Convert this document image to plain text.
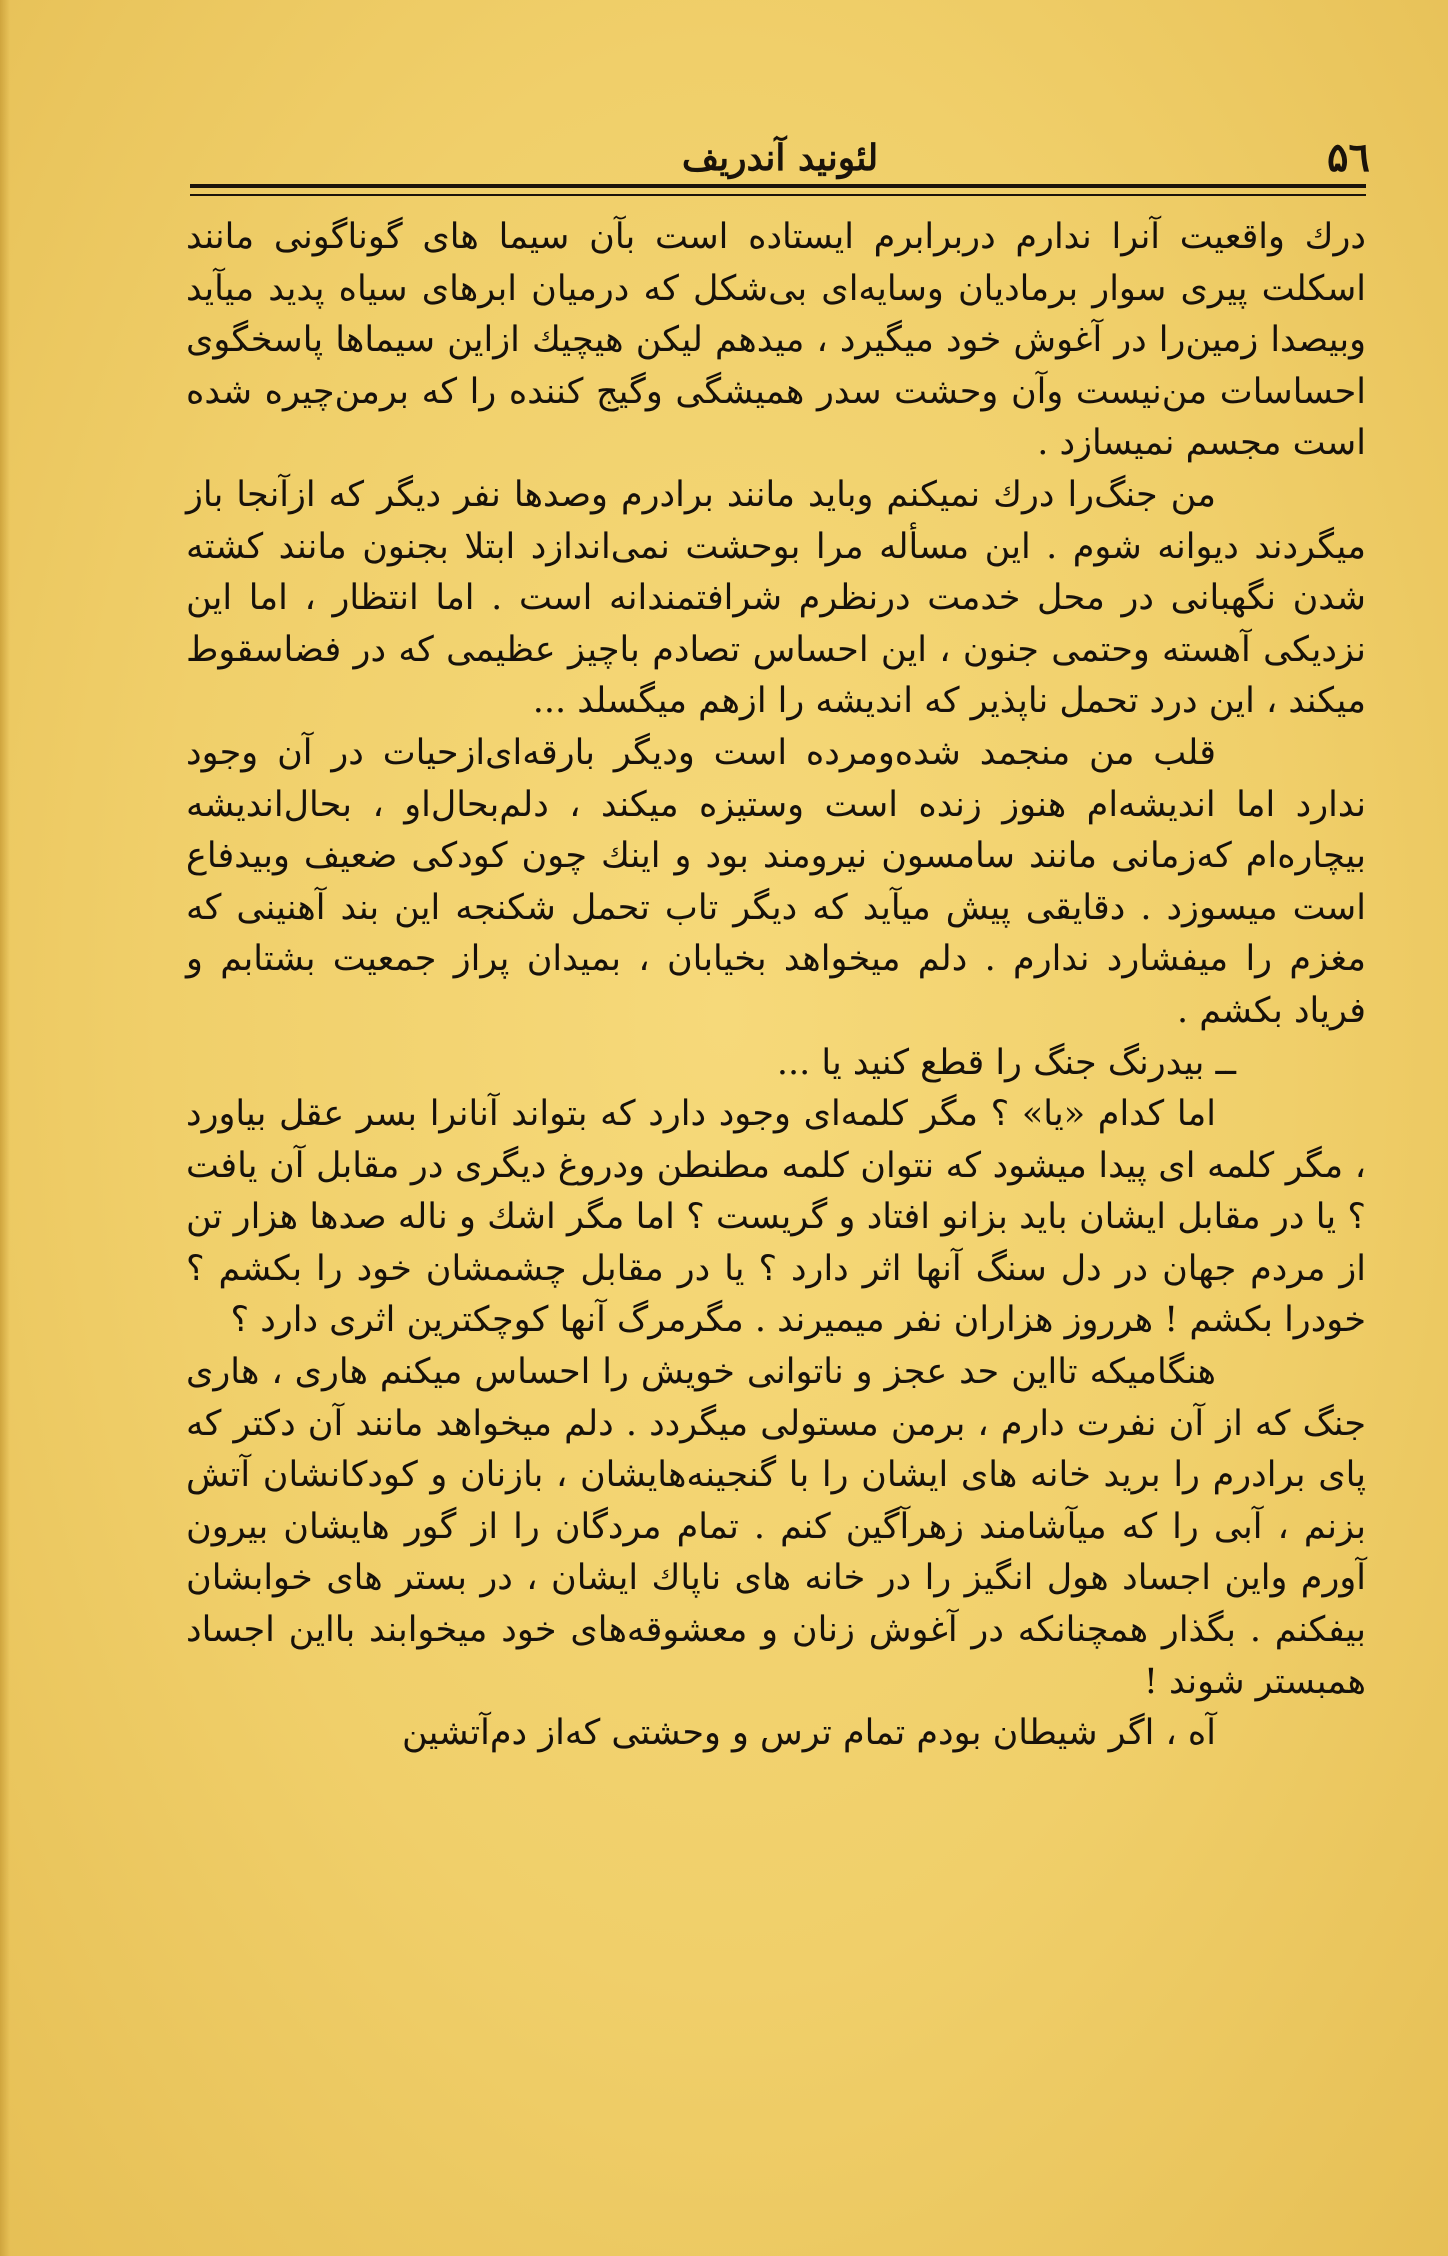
۵٦
لئونید آندریف

درك واقعیت آنرا ندارم دربرابرم ایستاده است بآن سیما های گوناگونی مانند اسکلت پیری سوار برمادیان وسایه‌ای بی‌شکل که درمیان ابرهای سیاه پدید میآید وبیصدا زمین‌را در آغوش خود میگیرد ، میدهم لیکن هیچیك ازاین سیماها پاسخگوی احساسات من‌نیست وآن وحشت سدر همیشگی وگیج کننده را که برمن‌چیره شده است مجسم نمیسازد .

من جنگ‌را درك نمیکنم وباید مانند برادرم وصدها نفر دیگر که ازآنجا باز میگردند دیوانه شوم . این مسأله مرا بوحشت نمی‌اندازد ابتلا بجنون مانند کشته شدن نگهبانی در محل خدمت درنظرم شرافتمندانه است . اما انتظار ، اما این نزدیکی آهسته وحتمی جنون ، این احساس تصادم باچیز عظیمی که در فضاسقوط میکند ، این درد تحمل ناپذیر که اندیشه را ازهم میگسلد ...

قلب من منجمد شده‌ومرده است ودیگر بارقه‌ای‌ازحیات در آن وجود ندارد اما اندیشه‌ام هنوز زنده است وستیزه میکند ، دلم‌بحال‌او ، بحال‌اندیشه بیچاره‌ام که‌زمانی مانند سامسون نیرومند بود و اینك چون کودکی ضعیف وبیدفاع است میسوزد . دقایقی پیش میآید که دیگر تاب تحمل شکنجه این بند آهنینی که مغزم را میفشارد ندارم . دلم میخواهد بخیابان ، بمیدان پراز جمعیت بشتابم و فریاد بکشم .

ــ بیدرنگ جنگ را قطع کنید یا ...

اما کدام «یا» ؟ مگر کلمه‌ای وجود دارد که بتواند آنانرا بسر عقل بیاورد ، مگر کلمه ای پیدا میشود که نتوان کلمه مطنطن ودروغ دیگری در مقابل آن یافت ؟ یا در مقابل ایشان باید بزانو افتاد و گریست ؟ اما مگر اشك و ناله صدها هزار تن از مردم جهان در دل سنگ آنها اثر دارد ؟ یا در مقابل چشمشان خود را بکشم ؟ خودرا بکشم ! هرروز هزاران نفر میمیرند . مگرمرگ آنها کوچکترین اثری دارد ؟

هنگامیکه تااین حد عجز و ناتوانی خویش را احساس میکنم هاری ، هاری جنگ که از آن نفرت دارم ، برمن مستولی میگردد . دلم میخواهد مانند آن دکتر که پای برادرم را برید خانه های ایشان را با گنجینه‌هایشان ، بازنان و کودکانشان آتش بزنم ، آبی را که میآشامند زهرآگین کنم . تمام مردگان را از گور هایشان بیرون آورم واین اجساد هول انگیز را در خانه های ناپاك ایشان ، در بستر های خوابشان بیفکنم . بگذار همچنانکه در آغوش زنان و معشوقه‌های خود میخوابند بااین اجساد همبستر شوند !

آه ، اگر شیطان بودم تمام ترس و وحشتی که‌از دم‌آتشین
